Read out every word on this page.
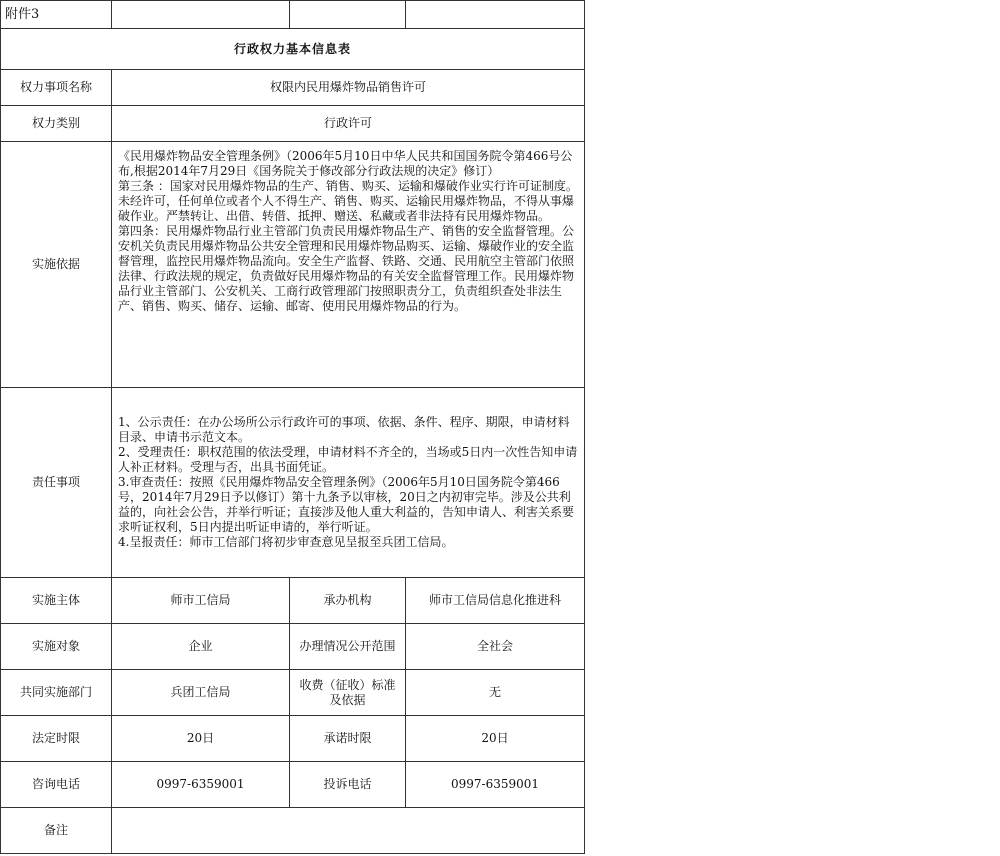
附件3			
行政权力基本信息表			
权力事项名称	权限内民用爆炸物品销售许可		
权力类别	行政许可		
实施依据	《民用爆炸物品安全管理条例》（2006年5月10日中华人民共和国国务院令第466号公布,根据2014年7月29日《国务院关于修改部分行政法规的决定》修订）
第三条 ：国家对民用爆炸物品的生产、销售、购买、运输和爆破作业实行许可证制度。未经许可，任何单位或者个人不得生产、销售、购买、运输民用爆炸物品，不得从事爆破作业。严禁转让、出借、转借、抵押、赠送、私藏或者非法持有民用爆炸物品。
第四条：民用爆炸物品行业主管部门负责民用爆炸物品生产、销售的安全监督管理。公安机关负责民用爆炸物品公共安全管理和民用爆炸物品购买、运输、爆破作业的安全监督管理，监控民用爆炸物品流向。安全生产监督、铁路、交通、民用航空主管部门依照法律、行政法规的规定，负责做好民用爆炸物品的有关安全监督管理工作。民用爆炸物品行业主管部门、公安机关、工商行政管理部门按照职责分工，负责组织查处非法生产、销售、购买、储存、运输、邮寄、使用民用爆炸物品的行为。		

责任事项	1、公示责任：在办公场所公示行政许可的事项、依据、条件、程序、期限，申请材料目录、申请书示范文本。
2、受理责任：职权范围的依法受理，申请材料不齐全的，当场或5日内一次性告知申请人补正材料。受理与否，出具书面凭证。
3.审查责任：按照《民用爆炸物品安全管理条例》（2006年5月10日国务院令第466号，2014年7月29日予以修订）第十九条予以审核，20日之内初审完毕。涉及公共利益的，向社会公告，并举行听证；直接涉及他人重大利益的，告知申请人、利害关系要求听证权利，5日内提出听证申请的，举行听证。
4.呈报责任：师市工信部门将初步审查意见呈报至兵团工信局。		

实施主体	师市工信局	承办机构	师市工信局信息化推进科
实施对象	企业	办理情况公开范围	全社会
共同实施部门	兵团工信局	收费（征收）标准及依据	无
法定时限	20日	承诺时限	20日
咨询电话	0997-6359001	投诉电话	0997-6359001
备注			
